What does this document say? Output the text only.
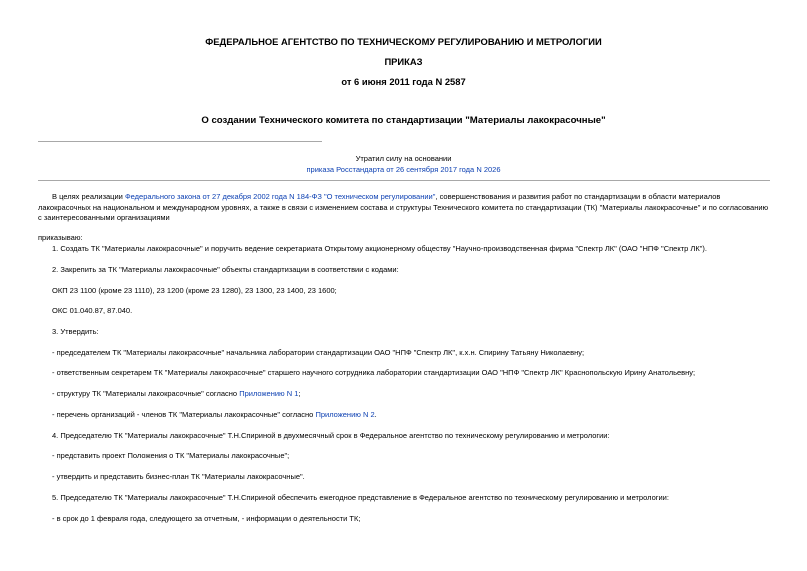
ФЕДЕРАЛЬНОЕ АГЕНТСТВО ПО ТЕХНИЧЕСКОМУ РЕГУЛИРОВАНИЮ И МЕТРОЛОГИИ
ПРИКАЗ
от 6 июня 2011 года N 2587
О создании Технического комитета по стандартизации "Материалы лакокрасочные"
Утратил силу на основании
приказа Росстандарта от 26 сентября 2017 года N 2026
В целях реализации Федерального закона от 27 декабря 2002 года N 184-ФЗ "О техническом регулировании", совершенствования и развития работ по стандартизации в области материалов лакокрасочных на национальном и международном уровнях, а также в связи с изменением состава и структуры Технического комитета по стандартизации (ТК) "Материалы лакокрасочные" и по согласованию с заинтересованными организациями
приказываю:
1. Создать ТК "Материалы лакокрасочные" и поручить ведение секретариата Открытому акционерному обществу "Научно-производственная фирма "Спектр ЛК" (ОАО "НПФ "Спектр ЛК").
2. Закрепить за ТК "Материалы лакокрасочные" объекты стандартизации в соответствии с кодами:
ОКП 23 1100 (кроме 23 1110), 23 1200 (кроме 23 1280), 23 1300, 23 1400, 23 1600;
ОКС 01.040.87, 87.040.
3. Утвердить:
- председателем ТК "Материалы лакокрасочные" начальника лаборатории стандартизации ОАО "НПФ "Спектр ЛК", к.х.н. Спирину Татьяну Николаевну;
- ответственным секретарем ТК "Материалы лакокрасочные" старшего научного сотрудника лаборатории стандартизации ОАО "НПФ "Спектр ЛК" Краснопольскую Ирину Анатольевну;
- структуру ТК "Материалы лакокрасочные" согласно Приложению N 1;
- перечень организаций - членов ТК "Материалы лакокрасочные" согласно Приложению N 2.
4. Председателю ТК "Материалы лакокрасочные" Т.Н.Спириной в двухмесячный срок в Федеральное агентство по техническому регулированию и метрологии:
- представить проект Положения о ТК "Материалы лакокрасочные";
- утвердить и представить бизнес-план ТК "Материалы лакокрасочные".
5. Председателю ТК "Материалы лакокрасочные" Т.Н.Спириной обеспечить ежегодное представление в Федеральное агентство по техническому регулированию и метрологии:
- в срок до 1 февраля года, следующего за отчетным, - информации о деятельности ТК;
